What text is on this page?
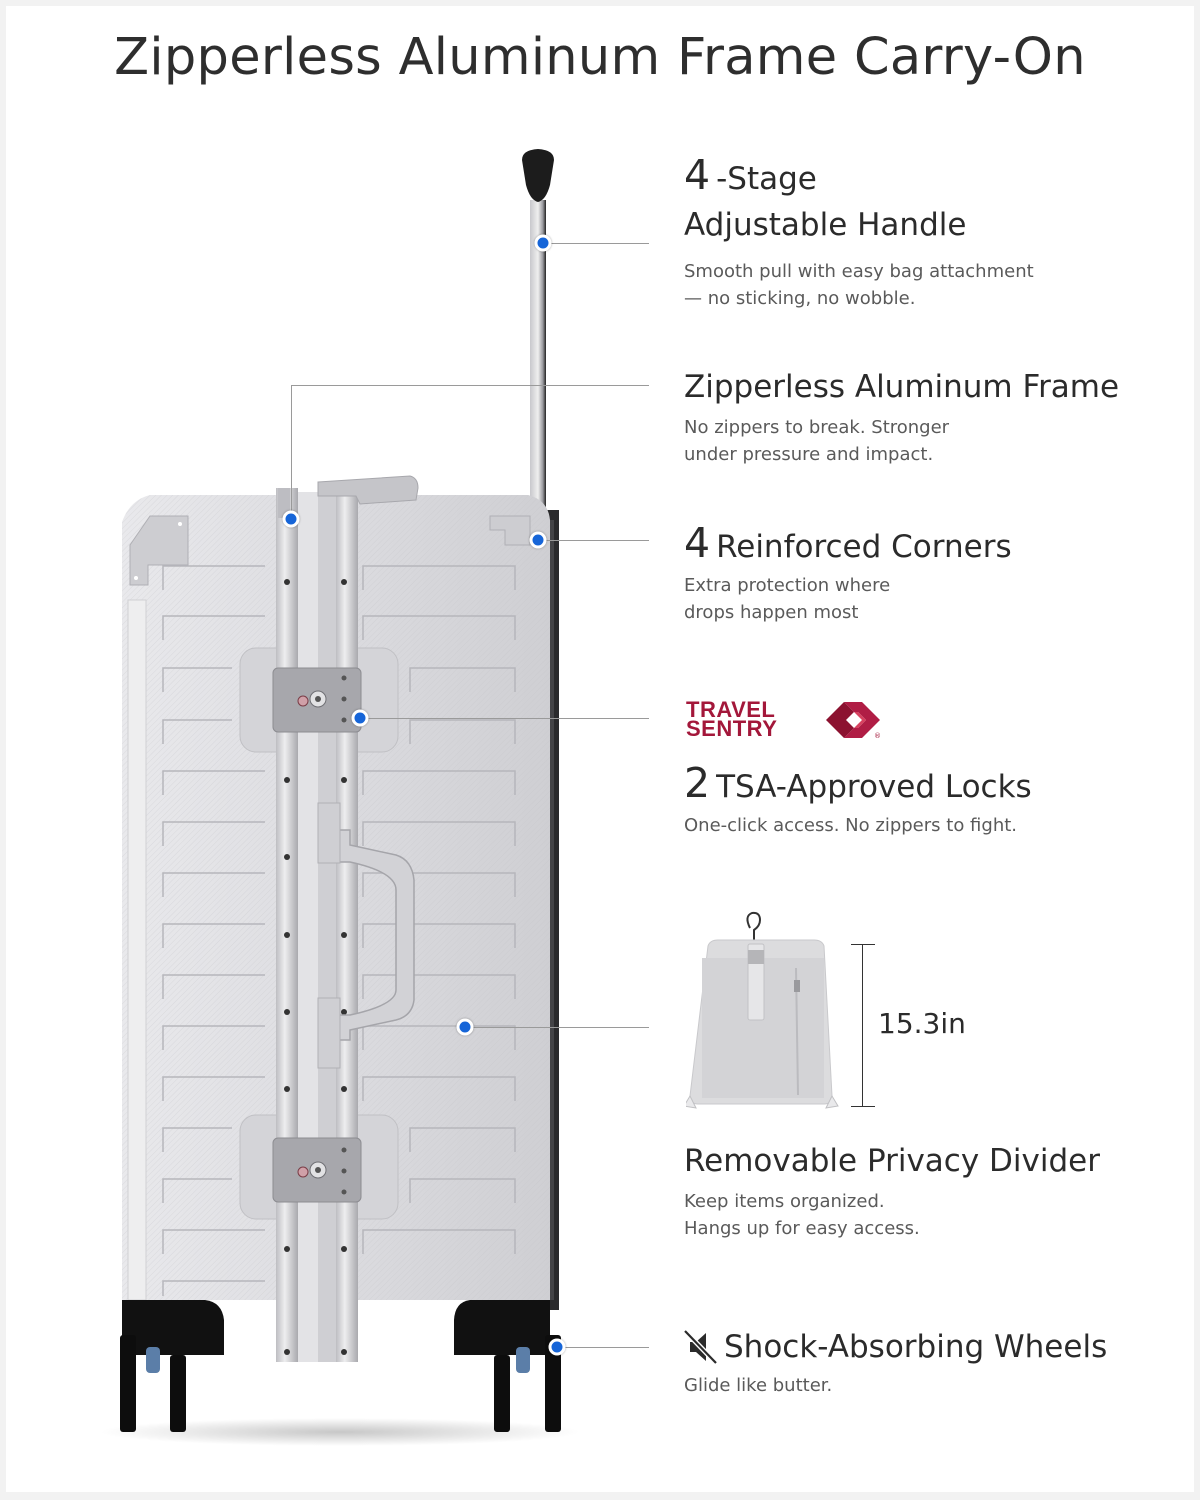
Zipperless Aluminum Frame Carry-On
4 -Stage
Adjustable Handle
Smooth pull with easy bag attachment
— no sticking, no wobble.
Zipperless Aluminum Frame
No zippers to break. Stronger
under pressure and impact.
4 Reinforced Corners
Extra protection where
drops happen most
TRAVEL
SENTRY	®
2 TSA-Approved Locks
One-click access. No zippers to fight.
15.3in
Removable Privacy Divider
Keep items organized.
Hangs up for easy access.
Shock-Absorbing Wheels
Glide like butter.
